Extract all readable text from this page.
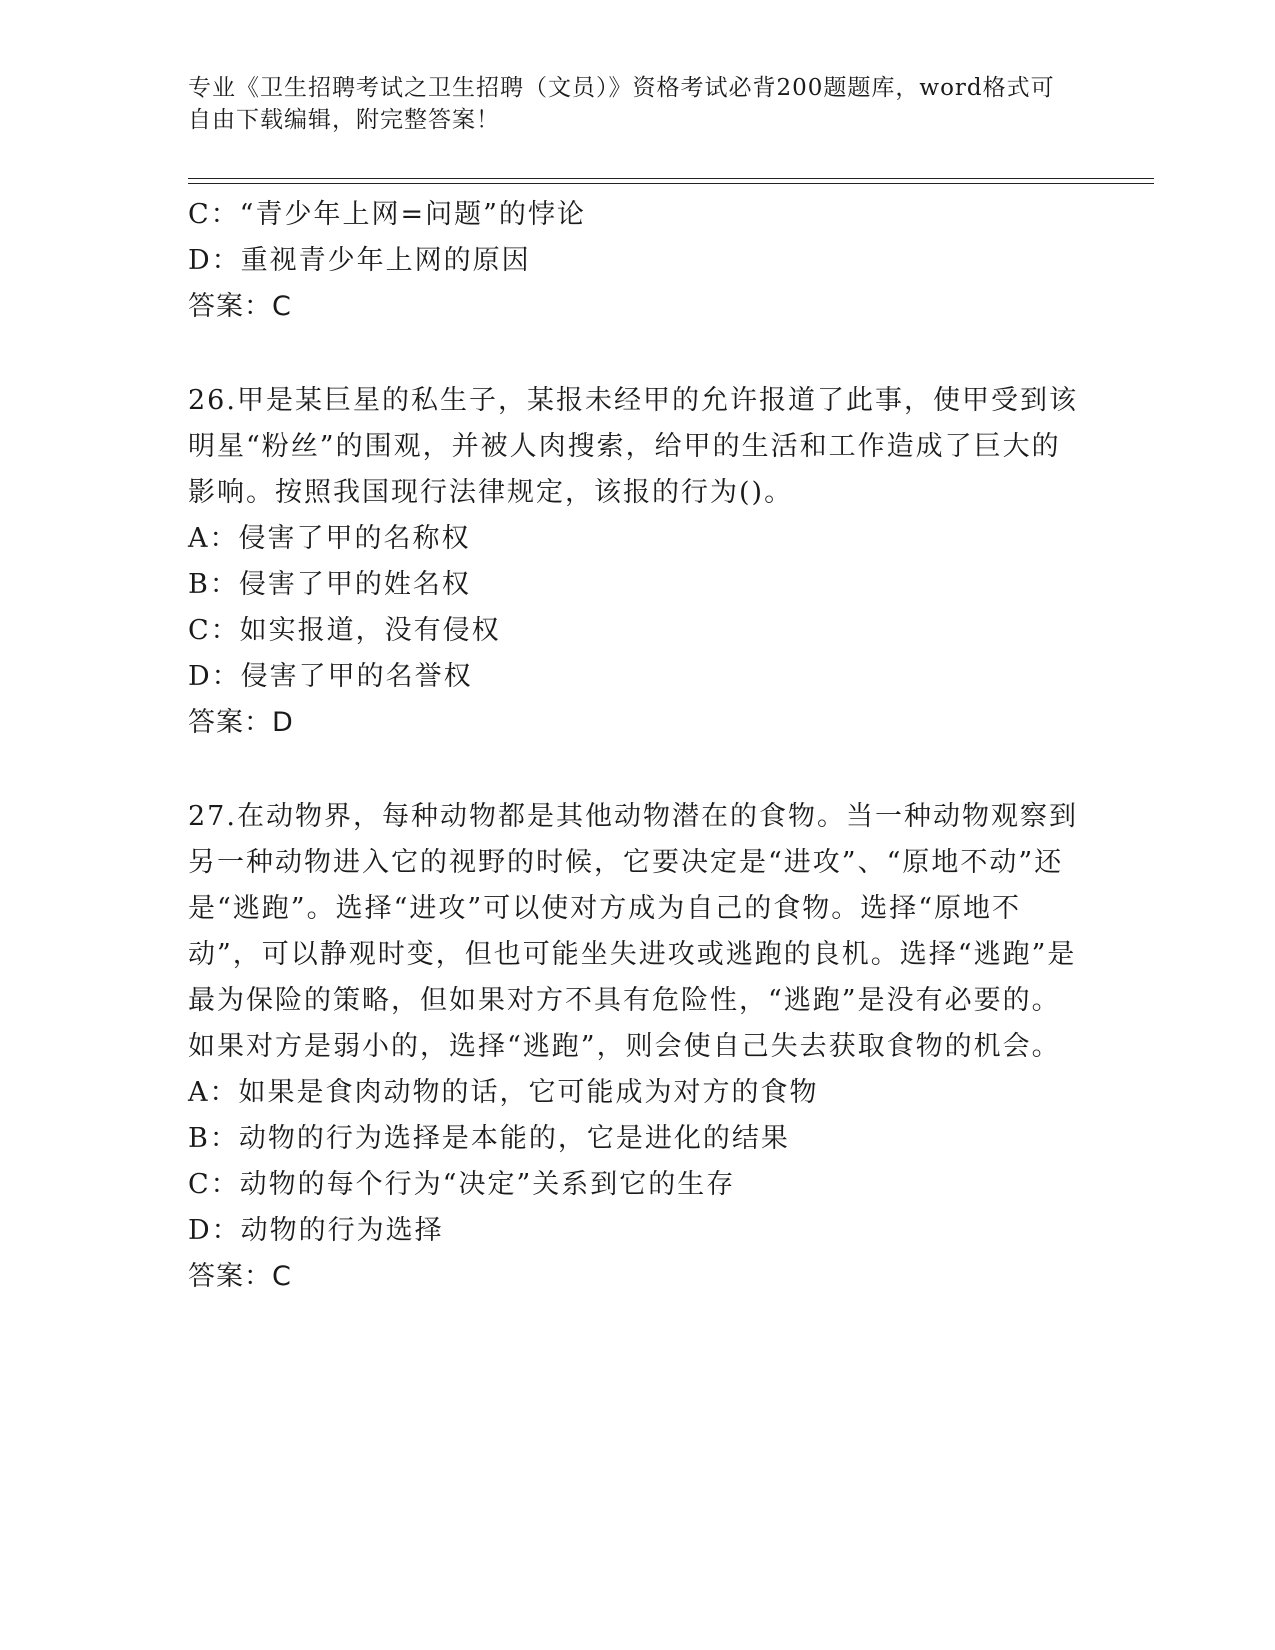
专业《卫生招聘考试之卫生招聘（文员）》资格考试必背200题题库，word格式可自由下载编辑，附完整答案！
C：“青少年上网=问题”的悖论
D：重视青少年上网的原因
答案：C
26.甲是某巨星的私生子，某报未经甲的允许报道了此事，使甲受到该明星“粉丝”的围观，并被人肉搜索，给甲的生活和工作造成了巨大的影响。按照我国现行法律规定，该报的行为()。
A：侵害了甲的名称权
B：侵害了甲的姓名权
C：如实报道，没有侵权
D：侵害了甲的名誉权
答案：D
27.在动物界，每种动物都是其他动物潜在的食物。当一种动物观察到另一种动物进入它的视野的时候，它要决定是“进攻”、“原地不动”还是“逃跑”。选择“进攻”可以使对方成为自己的食物。选择“原地不动”，可以静观时变，但也可能坐失进攻或逃跑的良机。选择“逃跑”是最为保险的策略，但如果对方不具有危险性，“逃跑”是没有必要的。如果对方是弱小的，选择“逃跑”，则会使自己失去获取食物的机会。
A：如果是食肉动物的话，它可能成为对方的食物
B：动物的行为选择是本能的，它是进化的结果
C：动物的每个行为“决定”关系到它的生存
D：动物的行为选择
答案：C
